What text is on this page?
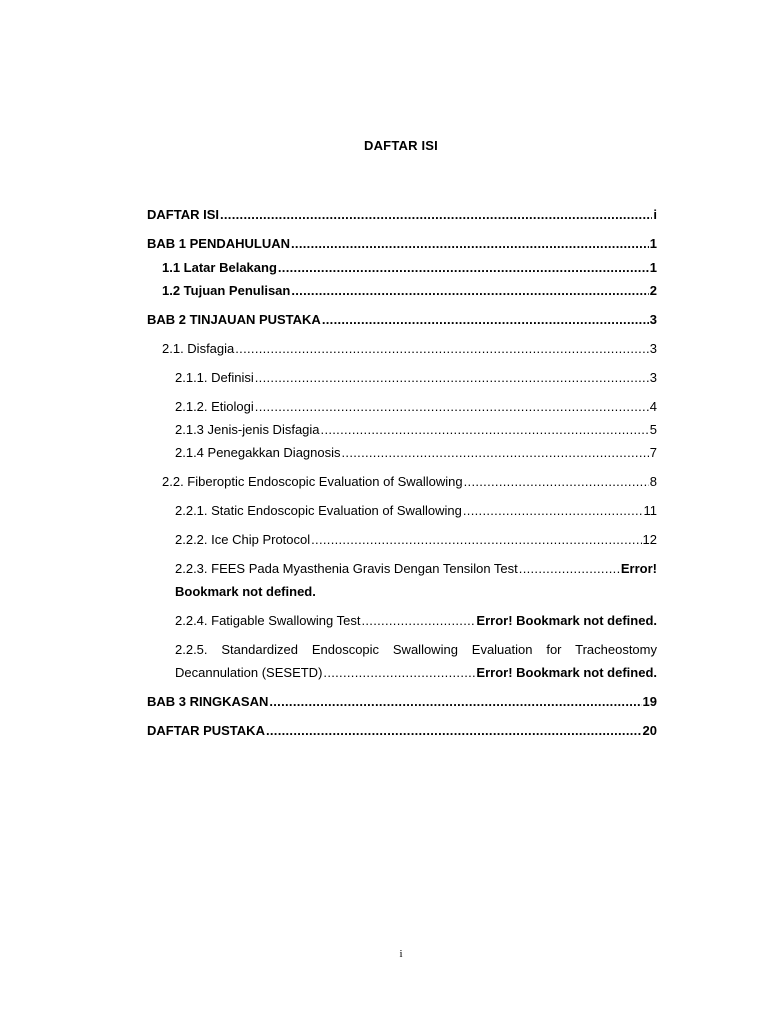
DAFTAR ISI
DAFTAR ISI .....	i
BAB 1 PENDAHULUAN .....	1
1.1 Latar Belakang .....	1
1.2 Tujuan Penulisan .....	2
BAB 2 TINJAUAN PUSTAKA .....	3
2.1. Disfagia .....	3
2.1.1. Definisi .....	3
2.1.2. Etiologi .....	4
2.1.3 Jenis-jenis Disfagia .....	5
2.1.4 Penegakkan Diagnosis .....	7
2.2. Fiberoptic Endoscopic Evaluation of Swallowing .....	8
2.2.1. Static Endoscopic Evaluation of Swallowing .....	11
2.2.2. Ice Chip Protocol .....	12
2.2.3. FEES Pada Myasthenia Gravis Dengan Tensilon Test .....	Error!
Bookmark not defined.
2.2.4. Fatigable Swallowing Test .....	Error! Bookmark not defined.
2.2.5. Standardized Endoscopic Swallowing Evaluation for Tracheostomy
Decannulation (SESETD) .....	Error! Bookmark not defined.
BAB 3 RINGKASAN .....	19
DAFTAR PUSTAKA .....	20
i
